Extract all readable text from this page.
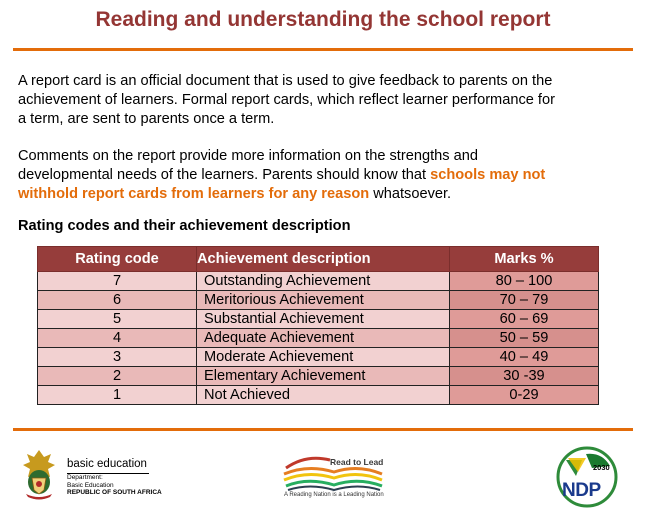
Reading and understanding the school report
A report card is an official document that is used to give feedback to parents on the
achievement of learners. Formal report cards, which reflect learner performance for
a term, are sent to parents once a term.
Comments on the report provide more information on the strengths and
developmental needs of the learners. Parents should know that schools may not
withhold report cards from learners for any reason whatsoever.
Rating codes and their achievement description
Rating code	Achievement description	Marks %
7	Outstanding Achievement	80 – 100
6	Meritorious Achievement	70 – 79
5	Substantial Achievement	60 – 69
4	Adequate Achievement	50 – 59
3	Moderate Achievement	40 – 49
2	Elementary Achievement	30 -39
1	Not Achieved	0-29
basic education
Department:
Basic Education
REPUBLIC OF SOUTH AFRICA
Read to Lead
A Reading Nation is a Leading Nation
2030
NDP
